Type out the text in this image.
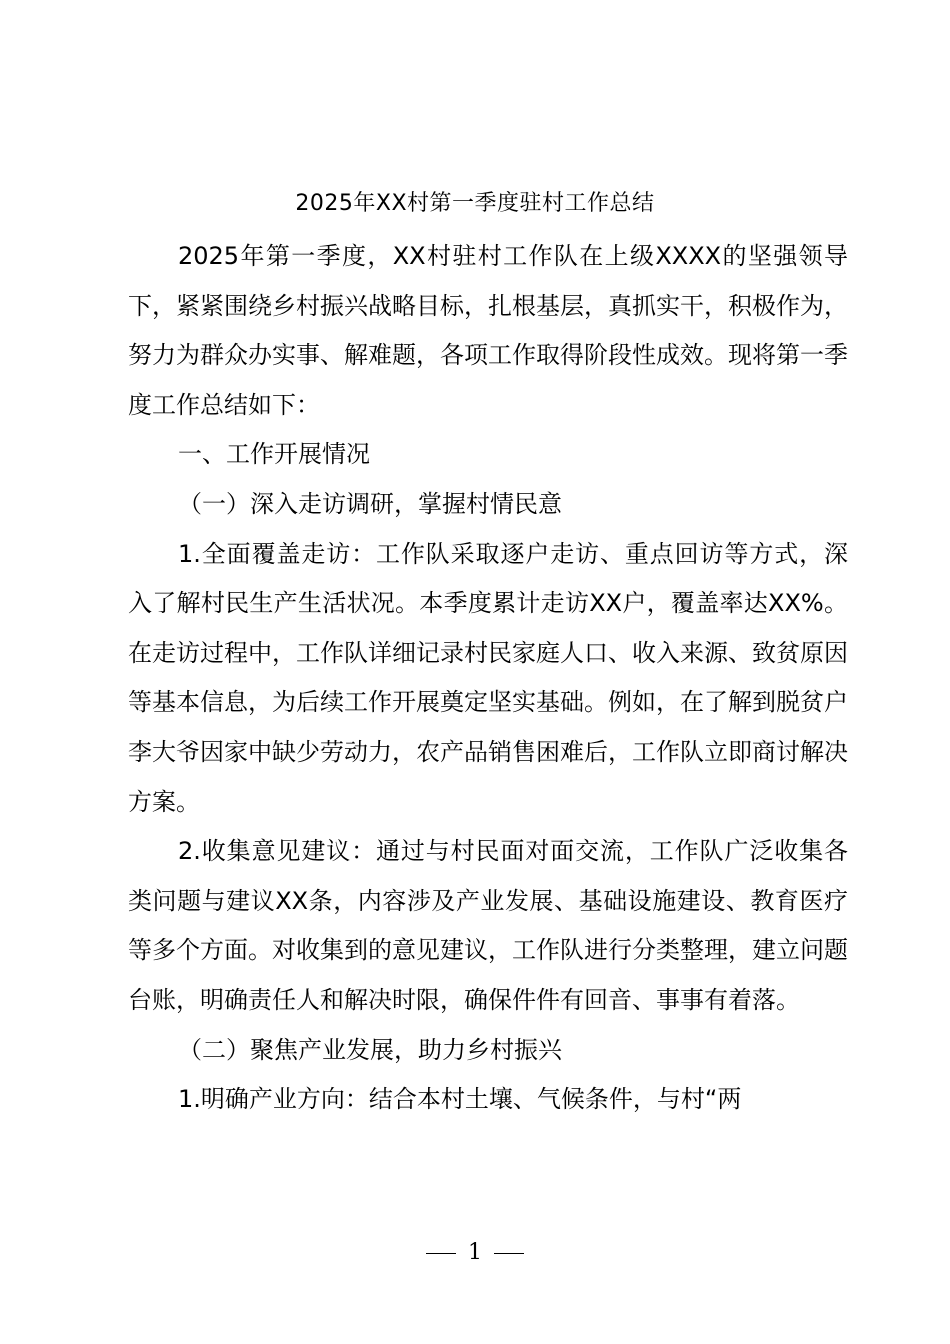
2025年XX村第一季度驻村工作总结

2025年第一季度，XX村驻村工作队在上级XXXX的坚强领导下，紧紧围绕乡村振兴战略目标，扎根基层，真抓实干，积极作为，努力为群众办实事、解难题，各项工作取得阶段性成效。现将第一季度工作总结如下：

一、工作开展情况

（一）深入走访调研，掌握村情民意

1.全面覆盖走访：工作队采取逐户走访、重点回访等方式，深入了解村民生产生活状况。本季度累计走访XX户，覆盖率达XX%。在走访过程中，工作队详细记录村民家庭人口、收入来源、致贫原因等基本信息，为后续工作开展奠定坚实基础。例如，在了解到脱贫户李大爷因家中缺少劳动力，农产品销售困难后，工作队立即商讨解决方案。

2.收集意见建议：通过与村民面对面交流，工作队广泛收集各类问题与建议XX条，内容涉及产业发展、基础设施建设、教育医疗等多个方面。对收集到的意见建议，工作队进行分类整理，建立问题台账，明确责任人和解决时限，确保件件有回音、事事有着落。

（二）聚焦产业发展，助力乡村振兴

1.明确产业方向：结合本村土壤、气候条件，与村“两

1
